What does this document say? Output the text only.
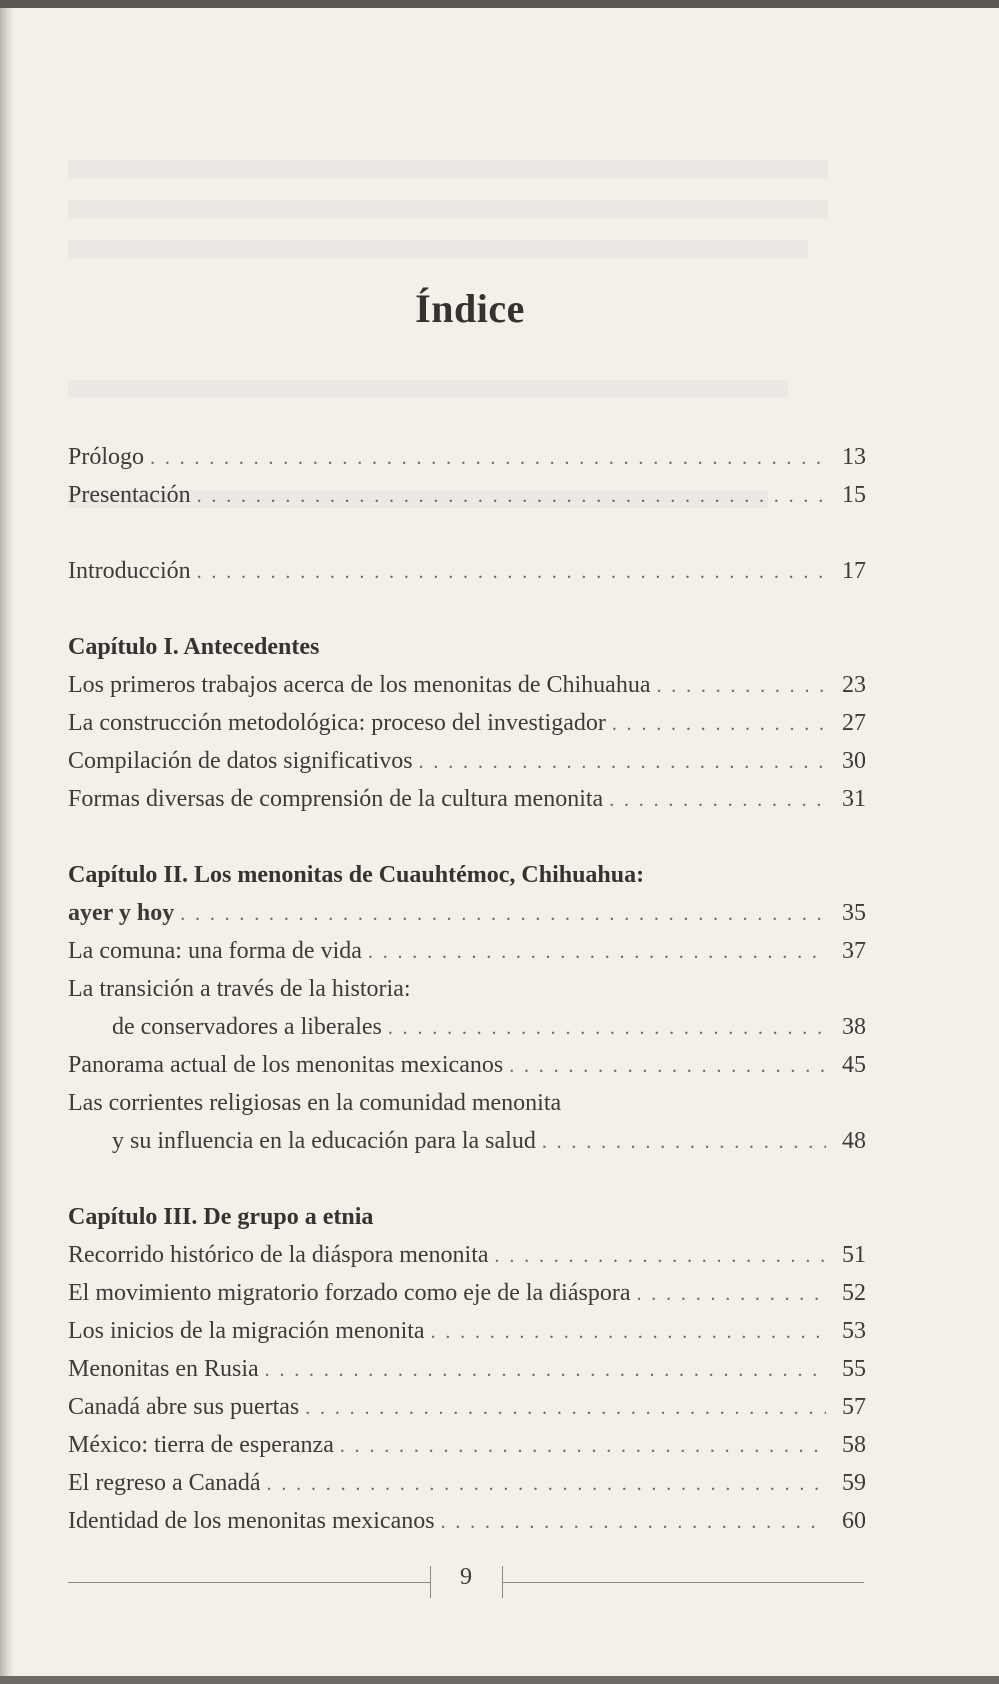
Índice
Prólogo . . .	13
Presentación . . .	15
Introducción . . .	17
Capítulo I. Antecedentes
Los primeros trabajos acerca de los menonitas de Chihuahua . . .	23
La construcción metodológica: proceso del investigador . . .	27
Compilación de datos significativos . . .	30
Formas diversas de comprensión de la cultura menonita . . .	31
Capítulo II. Los menonitas de Cuauhtémoc, Chihuahua:
ayer y hoy . . .	35
La comuna: una forma de vida . . .	37
La transición a través de la historia:
de conservadores a liberales . . .	38
Panorama actual de los menonitas mexicanos . . .	45
Las corrientes religiosas en la comunidad menonita
y su influencia en la educación para la salud . . .	48
Capítulo III. De grupo a etnia
Recorrido histórico de la diáspora menonita . . .	51
El movimiento migratorio forzado como eje de la diáspora . . .	52
Los inicios de la migración menonita . . .	53
Menonitas en Rusia . . .	55
Canadá abre sus puertas . . .	57
México: tierra de esperanza . . .	58
El regreso a Canadá . . .	59
Identidad de los menonitas mexicanos . . .	60
9
